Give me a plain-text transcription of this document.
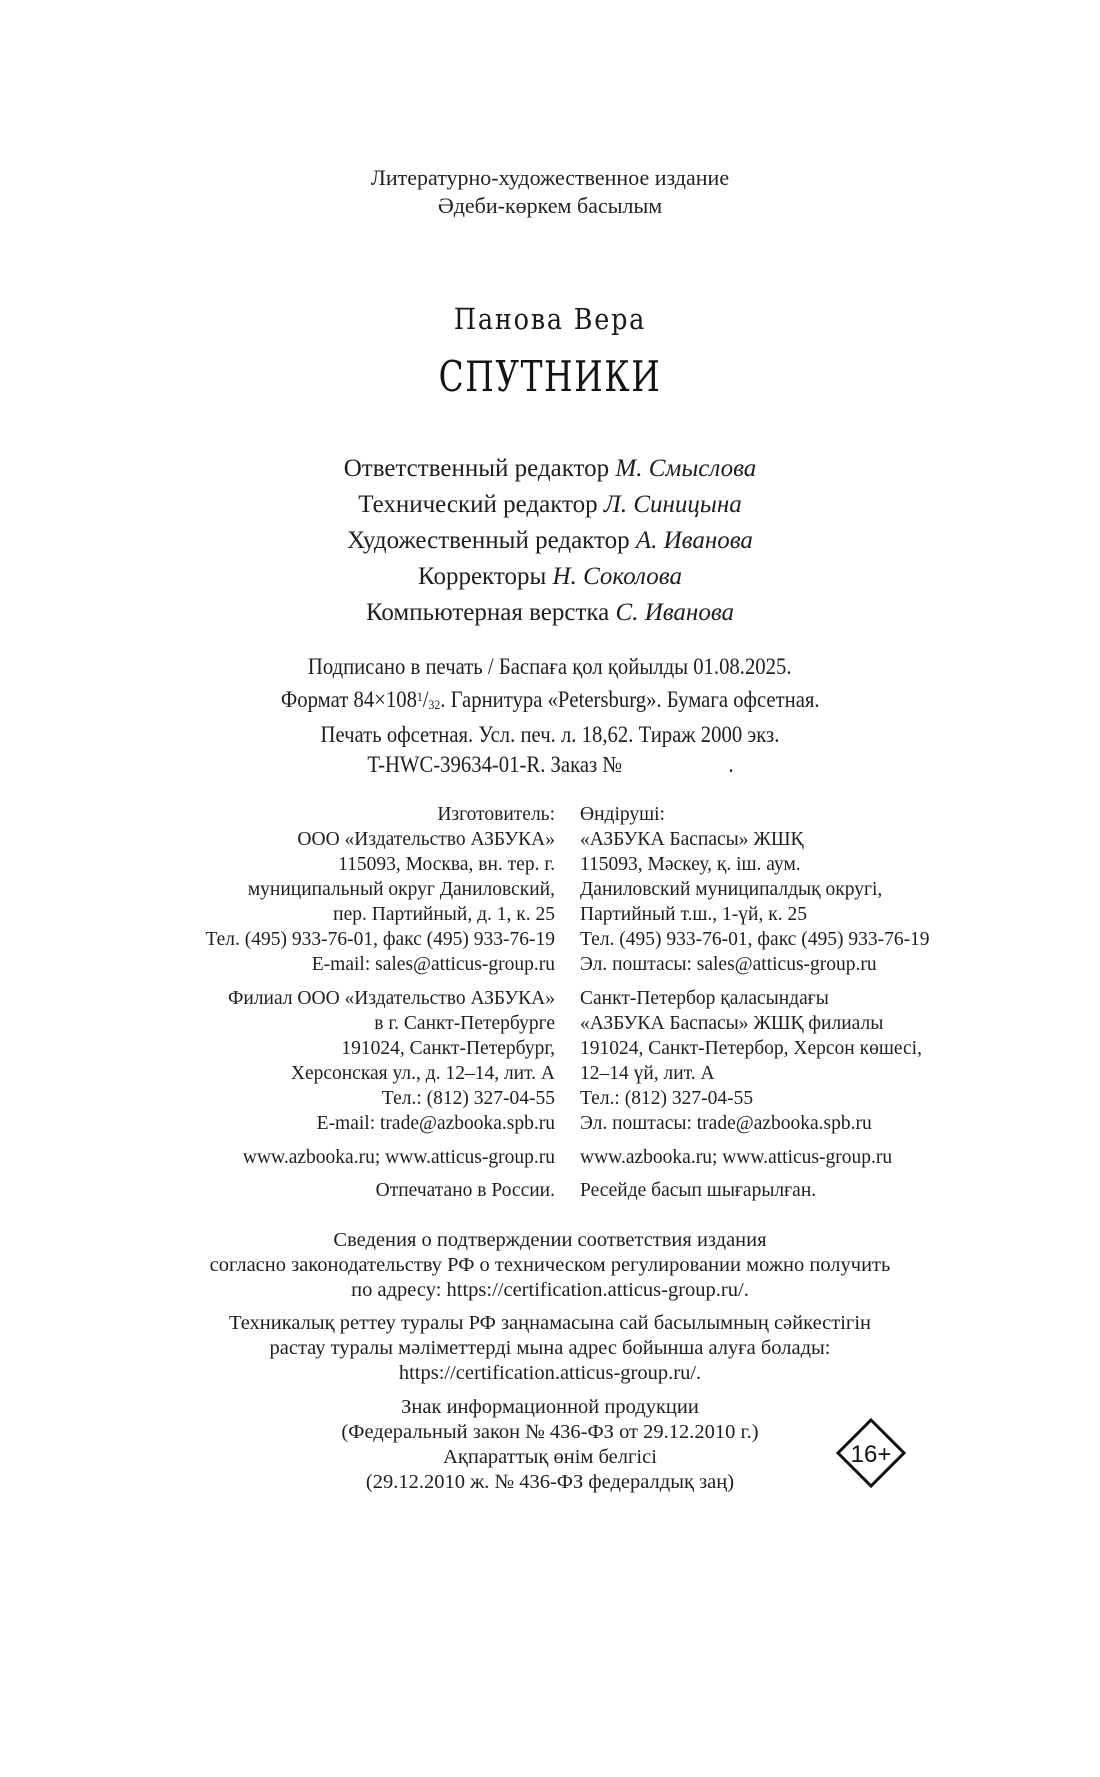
Литературно-художественное издание
Әдеби-көркем басылым
Панова Вера
СПУТНИКИ
Ответственный редактор М. Смыслова
Технический редактор Л. Синицына
Художественный редактор А. Иванова
Корректоры Н. Соколова
Компьютерная верстка С. Иванова
Подписано в печать / Баспаға қол қойылды 01.08.2025.
Формат $84\times 108^1/_{32}$. Гарнитура «Petersburg». Бумага офсетная.
Печать офсетная. Усл. печ. л. 18,62. Тираж 2000 экз.
T-HWC-39634-01-R. Заказ №	.
Изготовитель:
ООО «Издательство АЗБУКА»
115093, Москва, вн. тер. г.
муниципальный округ Даниловский,
пер. Партийный, д. 1, к. 25
Тел. (495) 933-76-01, факс (495) 933-76-19
E-mail: sales@atticus-group.ru
Филиал ООО «Издательство АЗБУКА»
в г. Санкт-Петербурге
191024, Санкт-Петербург,
Херсонская ул., д. 12–14, лит. А
Тел.: (812) 327-04-55
E-mail: trade@azbooka.spb.ru
www.azbooka.ru; www.atticus-group.ru
Отпечатано в России.
Өндіруші:
«АЗБУКА Баспасы» ЖШҚ
115093, Мәскеу, қ. іш. аум.
Даниловский муниципалдық округі,
Партийный т.ш., 1-үй, к. 25
Тел. (495) 933-76-01, факс (495) 933-76-19
Эл. поштасы: sales@atticus-group.ru
Санкт-Петербор қаласындағы
«АЗБУКА Баспасы» ЖШҚ филиалы
191024, Санкт-Петербор, Херсон көшесі,
12–14 үй, лит. А
Тел.: (812) 327-04-55
Эл. поштасы: trade@azbooka.spb.ru
www.azbooka.ru; www.atticus-group.ru
Ресейде басып шығарылған.
Сведения о подтверждении соответствия издания
согласно законодательству РФ о техническом регулировании можно получить
по адресу: https://certification.atticus-group.ru/.
Техникалық реттеу туралы РФ заңнамасына сай басылымның сәйкестігін
растау туралы мәліметтерді мына адрес бойынша алуға болады:
https://certification.atticus-group.ru/.
Знак информационной продукции
(Федеральный закон № 436-ФЗ от 29.12.2010 г.)
Ақпараттық өнім белгісі
(29.12.2010 ж. № 436-ФЗ федералдық заң)
16+
